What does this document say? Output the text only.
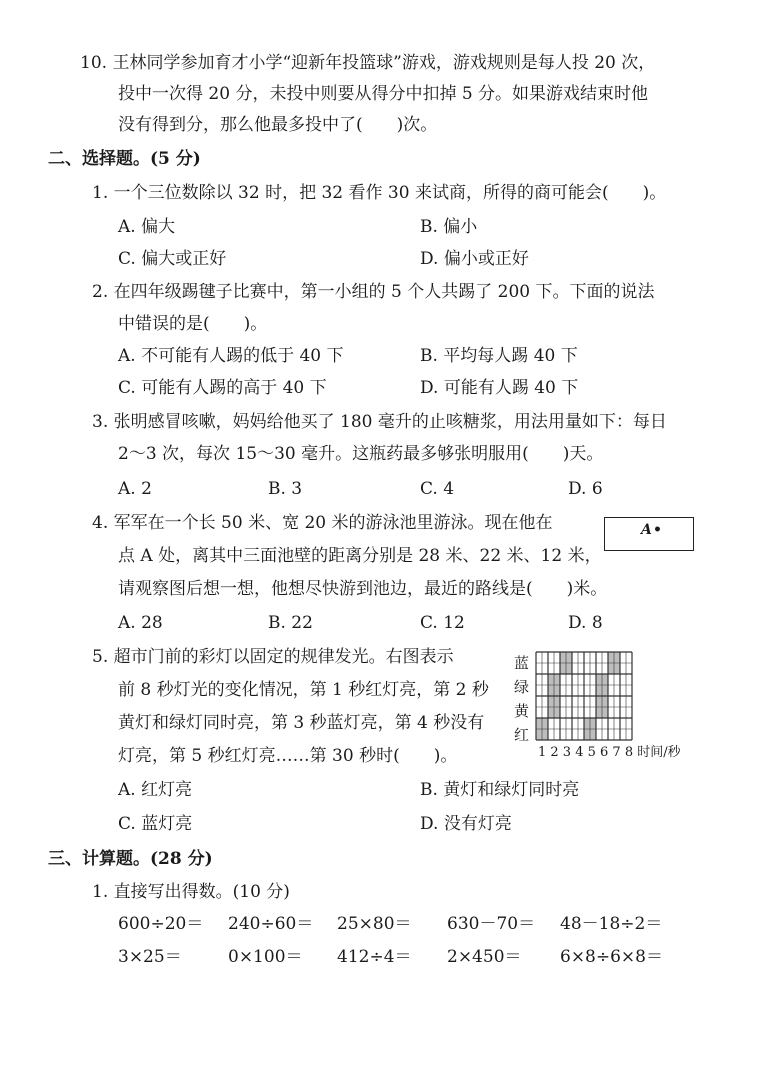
10. 王林同学参加育才小学“迎新年投篮球”游戏，游戏规则是每人投 20 次，
投中一次得 20 分，未投中则要从得分中扣掉 5 分。如果游戏结束时他
没有得到分，那么他最多投中了(　　)次。
二、选择题。(5 分)
1. 一个三位数除以 32 时，把 32 看作 30 来试商，所得的商可能会(　　)。
A. 偏大	B. 偏小
C. 偏大或正好	D. 偏小或正好
2. 在四年级踢毽子比赛中，第一小组的 5 个人共踢了 200 下。下面的说法
中错误的是(　　)。
A. 不可能有人踢的低于 40 下	B. 平均每人踢 40 下
C. 可能有人踢的高于 40 下	D. 可能有人踢 40 下
3. 张明感冒咳嗽，妈妈给他买了 180 毫升的止咳糖浆，用法用量如下：每日
2～3 次，每次 15～30 毫升。这瓶药最多够张明服用(　　)天。
A. 2	B. 3	C. 4	D. 6
4. 军军在一个长 50 米、宽 20 米的游泳池里游泳。现在他在
点 A 处，离其中三面池壁的距离分别是 28 米、22 米、12 米，
请观察图后想一想，他想尽快游到池边，最近的路线是(　　)米。
A •
A. 28	B. 22	C. 12	D. 8
5. 超市门前的彩灯以固定的规律发光。右图表示
前 8 秒灯光的变化情况，第 1 秒红灯亮，第 2 秒
黄灯和绿灯同时亮，第 3 秒蓝灯亮，第 4 秒没有
灯亮，第 5 秒红灯亮……第 30 秒时(　　)。
蓝
绿
黄
红
1 2 3 4 5 6 7 8 时间/秒
A. 红灯亮	B. 黄灯和绿灯同时亮
C. 蓝灯亮	D. 没有灯亮
三、计算题。(28 分)
1. 直接写出得数。(10 分)
600÷20＝ 240÷60＝ 25×80＝ 630－70＝ 48－18÷2＝
3×25＝	0×100＝ 412÷4＝ 2×450＝ 6×8÷6×8＝
